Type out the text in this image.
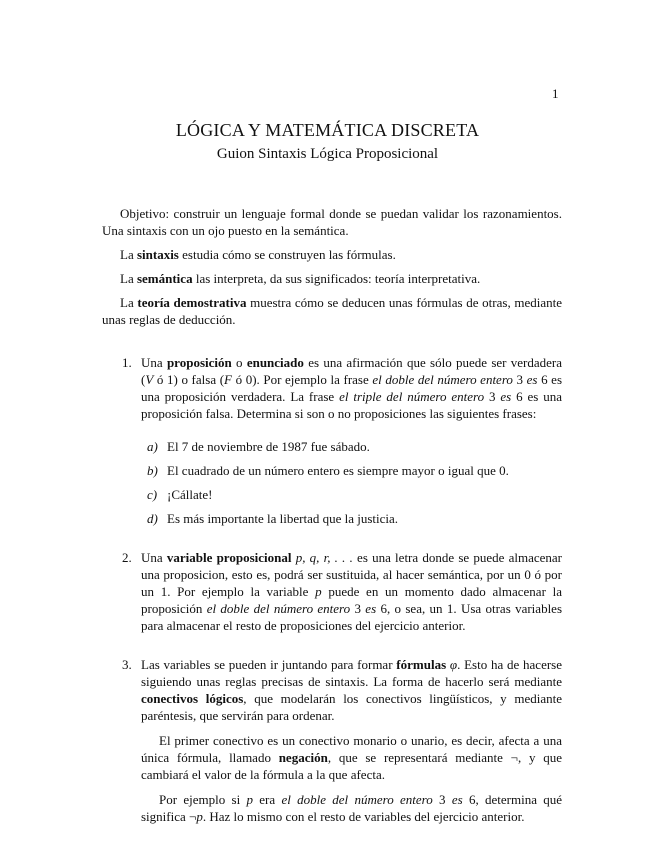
1
LÓGICA Y MATEMÁTICA DISCRETA
Guion Sintaxis Lógica Proposicional

Objetivo: construir un lenguaje formal donde se puedan validar los razonamientos. Una sintaxis con un ojo puesto en la semántica.

La sintaxis estudia cómo se construyen las fórmulas.

La semántica las interpreta, da sus significados: teoría interpretativa.

La teoría demostrativa muestra cómo se deducen unas fórmulas de otras, mediante unas reglas de deducción.

1. Una proposición o enunciado es una afirmación que sólo puede ser verdadera (V ó 1) o falsa (F ó 0). Por ejemplo la frase el doble del número entero 3 es 6 es una proposición verdadera. La frase el triple del número entero 3 es 6 es una proposición falsa. Determina si son o no proposiciones las siguientes frases:

a) El 7 de noviembre de 1987 fue sábado.
b) El cuadrado de un número entero es siempre mayor o igual que 0.
c) ¡Cállate!
d) Es más importante la libertad que la justicia.
2. Una variable proposicional p, q, r, . . . es una letra donde se puede almacenar una proposicion, esto es, podrá ser sustituida, al hacer semántica, por un 0 ó por un 1. Por ejemplo la variable p puede en un momento dado almacenar la proposición el doble del número entero 3 es 6, o sea, un 1. Usa otras variables para almacenar el resto de proposiciones del ejercicio anterior.

3. Las variables se pueden ir juntando para formar fórmulas φ. Esto ha de hacerse siguiendo unas reglas precisas de sintaxis. La forma de hacerlo será mediante conectivos lógicos, que modelarán los conectivos lingüísticos, y mediante paréntesis, que servirán para ordenar.

El primer conectivo es un conectivo monario o unario, es decir, afecta a una única fórmula, llamado negación, que se representará mediante ¬, y que cambiará el valor de la fórmula a la que afecta.

Por ejemplo si p era el doble del número entero 3 es 6, determina qué significa ¬p. Haz lo mismo con el resto de variables del ejercicio anterior.
